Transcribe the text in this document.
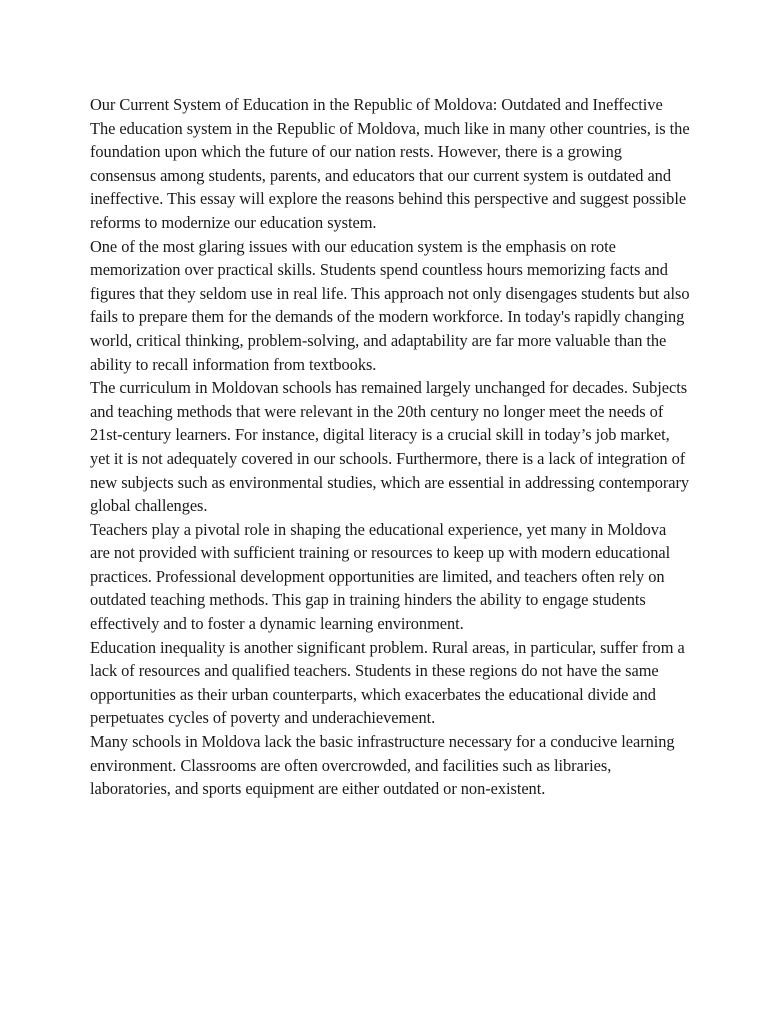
Our Current System of Education in the Republic of Moldova: Outdated and Ineffective

The education system in the Republic of Moldova, much like in many other countries, is the foundation upon which the future of our nation rests. However, there is a growing consensus among students, parents, and educators that our current system is outdated and ineffective. This essay will explore the reasons behind this perspective and suggest possible reforms to modernize our education system.

One of the most glaring issues with our education system is the emphasis on rote memorization over practical skills. Students spend countless hours memorizing facts and figures that they seldom use in real life. This approach not only disengages students but also fails to prepare them for the demands of the modern workforce. In today's rapidly changing world, critical thinking, problem-solving, and adaptability are far more valuable than the ability to recall information from textbooks.

The curriculum in Moldovan schools has remained largely unchanged for decades. Subjects and teaching methods that were relevant in the 20th century no longer meet the needs of 21st-century learners. For instance, digital literacy is a crucial skill in today’s job market, yet it is not adequately covered in our schools. Furthermore, there is a lack of integration of new subjects such as environmental studies, which are essential in addressing contemporary global challenges.

Teachers play a pivotal role in shaping the educational experience, yet many in Moldova are not provided with sufficient training or resources to keep up with modern educational practices. Professional development opportunities are limited, and teachers often rely on outdated teaching methods. This gap in training hinders the ability to engage students effectively and to foster a dynamic learning environment.

Education inequality is another significant problem. Rural areas, in particular, suffer from a lack of resources and qualified teachers. Students in these regions do not have the same opportunities as their urban counterparts, which exacerbates the educational divide and perpetuates cycles of poverty and underachievement.

Many schools in Moldova lack the basic infrastructure necessary for a conducive learning environment. Classrooms are often overcrowded, and facilities such as libraries, laboratories, and sports equipment are either outdated or non-existent.
